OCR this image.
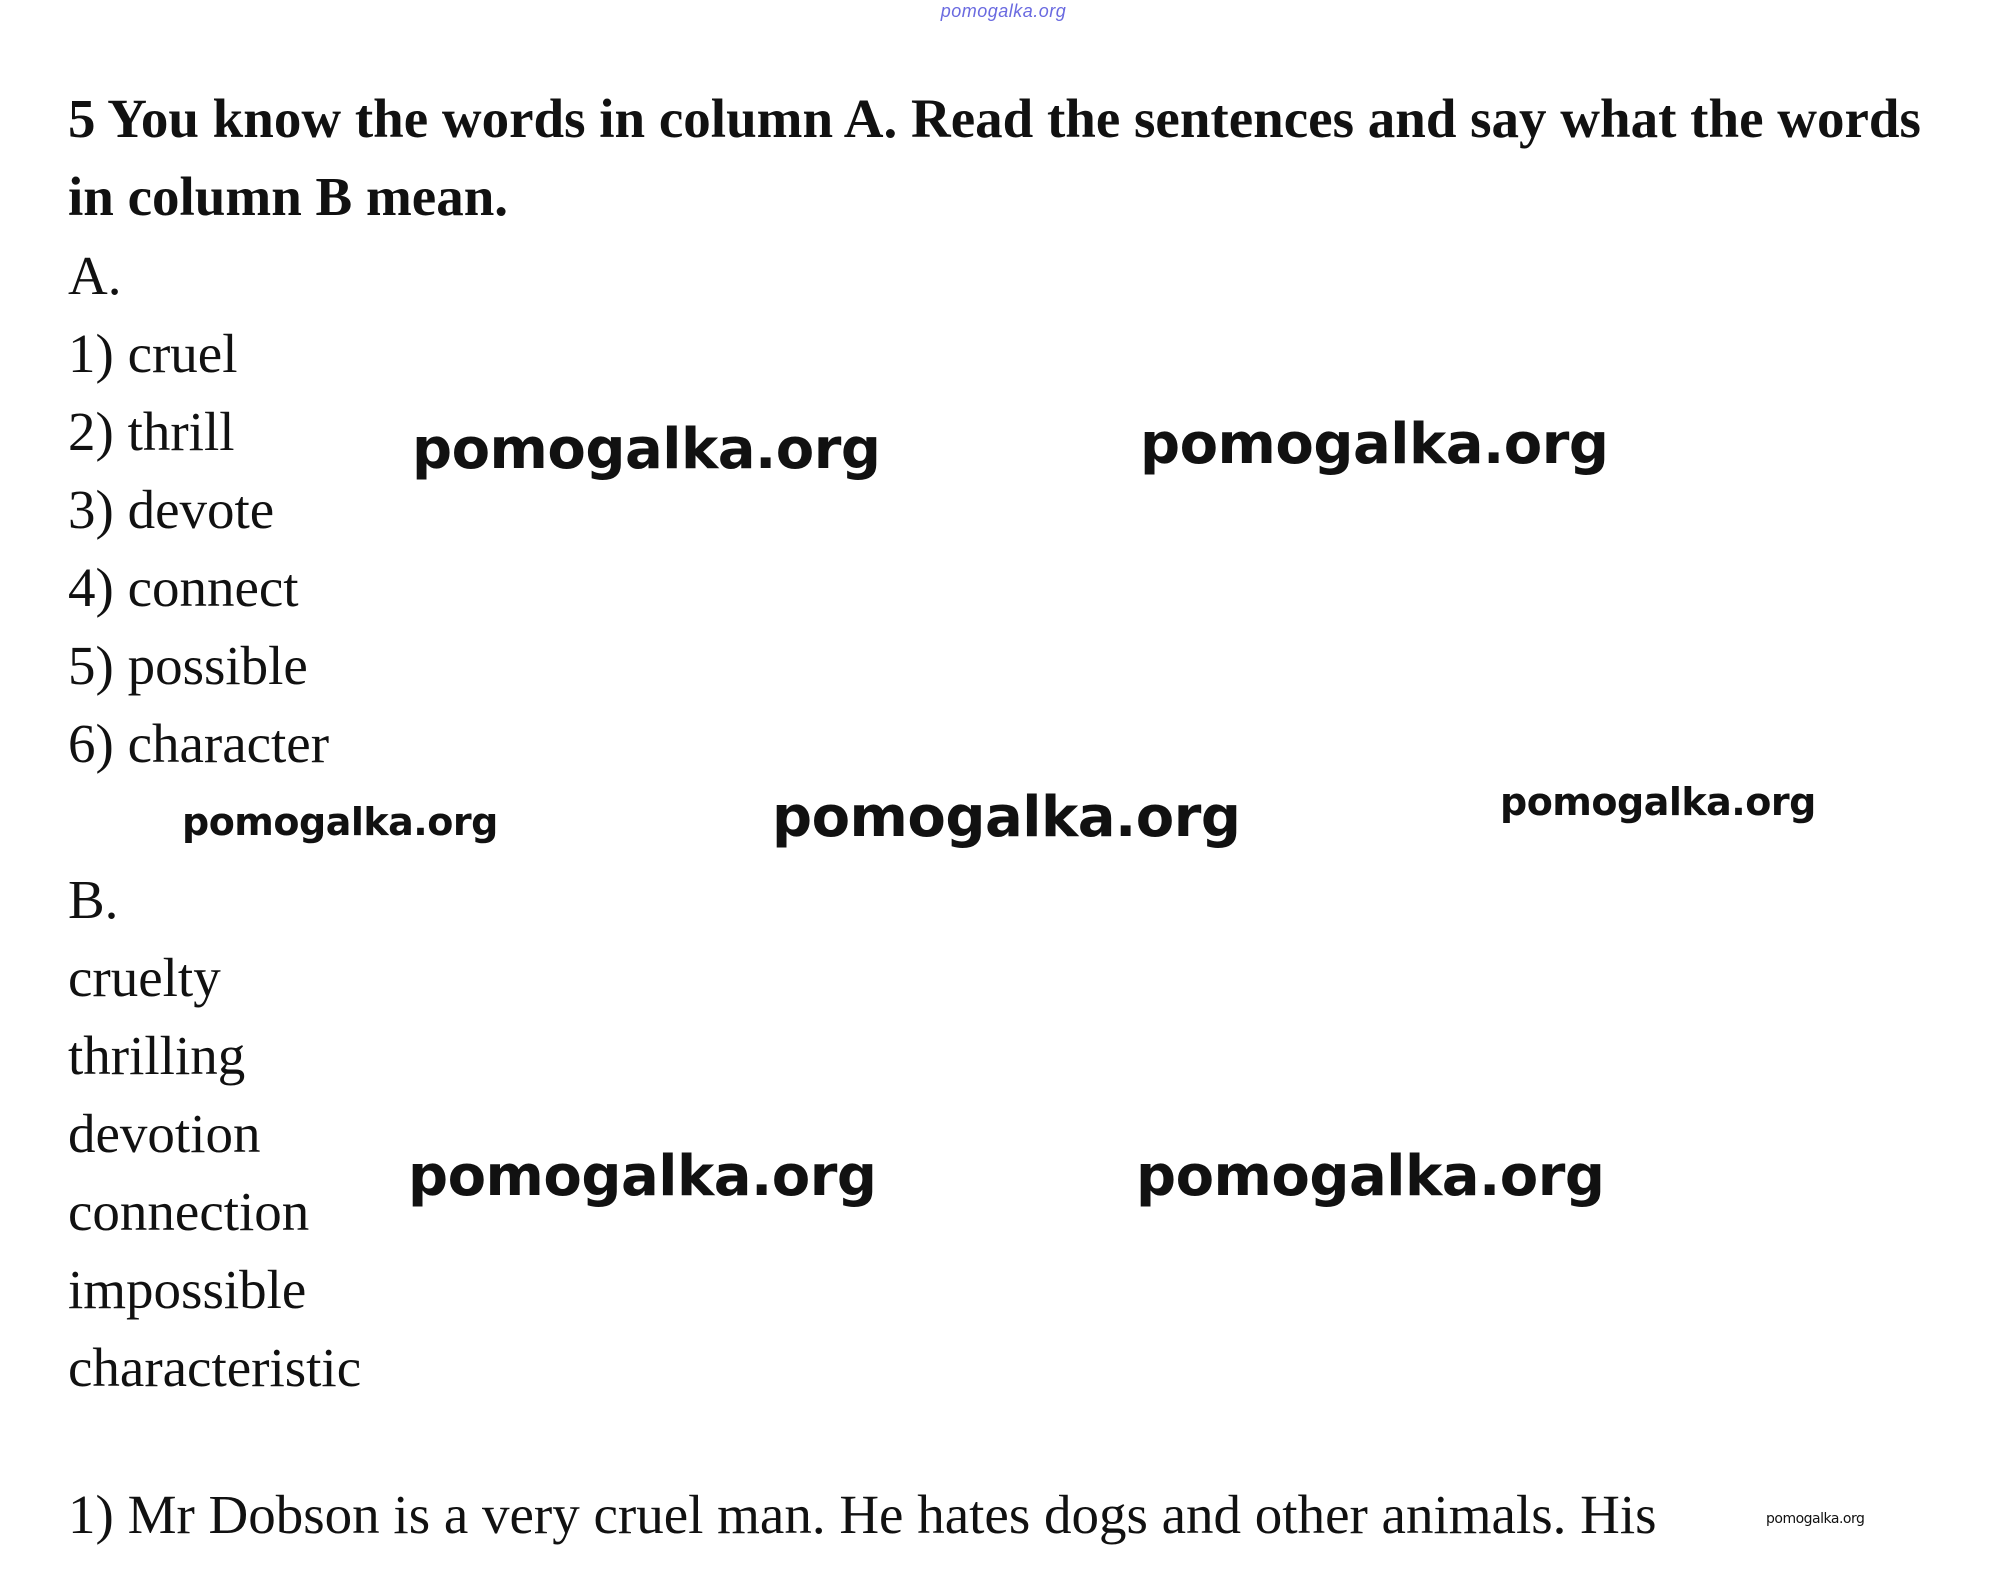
pomogalka.org
5 You know the words in column A. Read the sentences and say what the words in column B mean.
A.
1) cruel
2) thrill
3) devote
4) connect
5) possible
6) character
B.
cruelty
thrilling
devotion
connection
impossible
characteristic
1) Mr Dobson is a very cruel man. He hates dogs and other animals. His
pomogalka.org	pomogalka.org
pomogalka.org	pomogalka.org	pomogalka.org
pomogalka.org	pomogalka.org
pomogalka.org
